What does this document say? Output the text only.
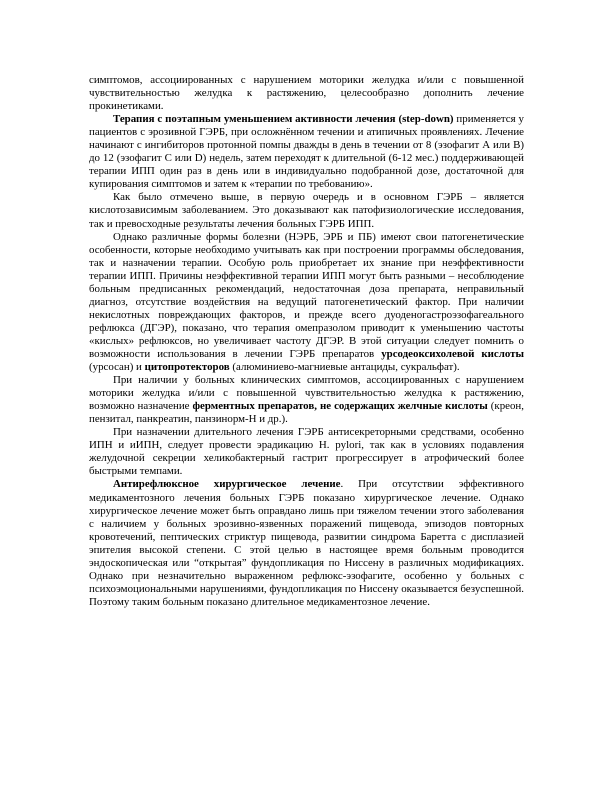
симптомов, ассоциированных с нарушением моторики желудка и/или с повышенной чувствительностью желудка к растяжению, целесообразно дополнить лечение прокинетиками.

Терапия с поэтапным уменьшением активности лечения (step-down) применяется у пациентов с эрозивной ГЭРБ, при осложнённом течении и атипичных проявлениях. Лечение начинают с ингибиторов протонной помпы дважды в день в течении от 8 (эзофагит А или В) до 12 (эзофагит С или D) недель, затем переходят к длительной (6-12 мес.) поддерживающей терапии ИПП один раз в день или в индивидуально подобранной дозе, достаточной для купирования симптомов и затем к «терапии по требованию».

Как было отмечено выше, в первую очередь и в основном ГЭРБ – является кислотозависимым заболеванием. Это доказывают как патофизиологические исследования, так и превосходные результаты лечения больных ГЭРБ ИПП.

Однако различные формы болезни (НЭРБ, ЭРБ и ПБ) имеют свои патогенетические особенности, которые необходимо учитывать как при построении программы обследования, так и назначении терапии. Особую роль приобретает их знание при неэффективности терапии ИПП. Причины неэффективной терапии ИПП могут быть разными – несоблюдение больным предписанных рекомендаций, недостаточная доза препарата, неправильный диагноз, отсутствие воздействия на ведущий патогенетический фактор. При наличии некислотных повреждающих факторов, и прежде всего дуоденогастроэзофагеального рефлюкса (ДГЭР), показано, что терапия омепразолом приводит к уменьшению частоты «кислых» рефлюксов, но увеличивает частоту ДГЭР. В этой ситуации следует помнить о возможности использования в лечении ГЭРБ препаратов урсодеоксихолевой кислоты (урсосан) и цитопротекторов (алюминиево-магниевые антациды, сукральфат).

При наличии у больных клинических симптомов, ассоциированных с нарушением моторики желудка и/или с повышенной чувствительностью желудка к растяжению, возможно назначение ферментных препаратов, не содержащих желчные кислоты (креон, пензитал, панкреатин, панзинорм-Н и др.).

При назначении длительного лечения ГЭРБ антисекреторными средствами, особенно ИПН и иИПН, следует провести эрадикацию H. pylori, так как в условиях подавления желудочной секреции хеликобактерный гастрит прогрессирует в атрофический более быстрыми темпами.

Антирефлюксное хирургическое лечение. При отсутствии эффективного медикаментозного лечения больных ГЭРБ показано хирургическое лечение. Однако хирургическое лечение может быть оправдано лишь при тяжелом течении этого заболевания с наличием у больных эрозивно-язвенных поражений пищевода, эпизодов повторных кровотечений, пептических стриктур пищевода, развитии синдрома Баретта с дисплазией эпителия высокой степени. С этой целью в настоящее время больным проводится эндоскопическая или “открытая” фундопликация по Ниссену в различных модификациях. Однако при незначительно выраженном рефлюкс-эзофагите, особенно у больных с психоэмоциональными нарушениями, фундопликация по Ниссену оказывается безуспешной. Поэтому таким больным показано длительное медикаментозное лечение.
